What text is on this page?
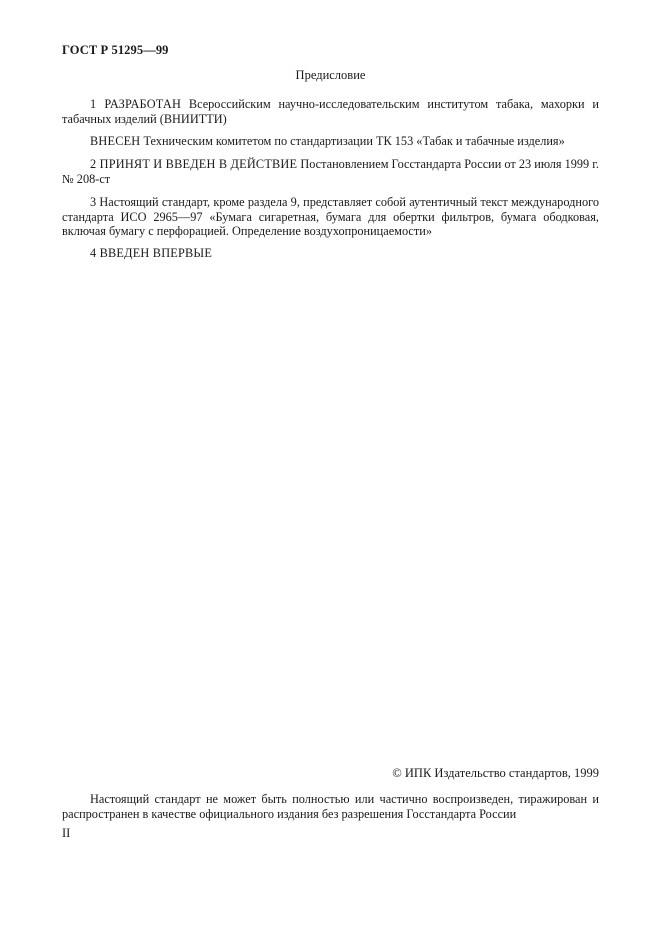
ГОСТ Р 51295—99
Предисловие

1 РАЗРАБОТАН Всероссийским научно-исследовательским институтом табака, махорки и табачных изделий (ВНИИТТИ)

ВНЕСЕН Техническим комитетом по стандартизации ТК 153 «Табак и табачные изделия»

2 ПРИНЯТ И ВВЕДЕН В ДЕЙСТВИЕ Постановлением Госстандарта России от 23 июля 1999 г. № 208-ст

3 Настоящий стандарт, кроме раздела 9, представляет собой аутентичный текст международного стандарта ИСО 2965—97 «Бумага сигаретная, бумага для обертки фильтров, бумага ободковая, включая бумагу с перфорацией. Определение воздухопроницаемости»

4 ВВЕДЕН ВПЕРВЫЕ

© ИПК Издательство стандартов, 1999

Настоящий стандарт не может быть полностью или частично воспроизведен, тиражирован и распространен в качестве официального издания без разрешения Госстандарта России

II
